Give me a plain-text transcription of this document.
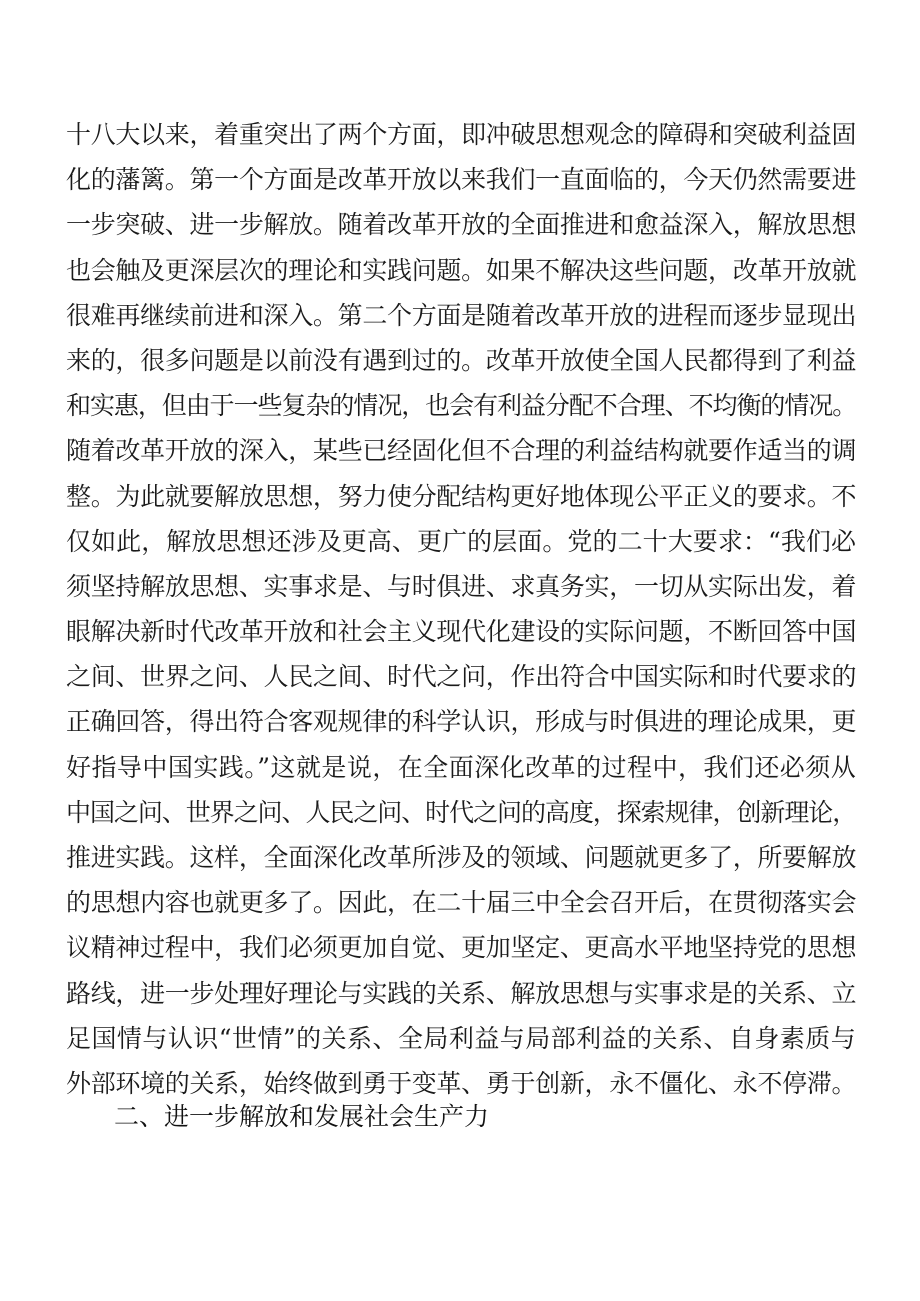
十八大以来，着重突出了两个方面，即冲破思想观念的障碍和突破利益固
化的藩篱。第一个方面是改革开放以来我们一直面临的，今天仍然需要进
一步突破、进一步解放。随着改革开放的全面推进和愈益深入，解放思想
也会触及更深层次的理论和实践问题。如果不解决这些问题，改革开放就
很难再继续前进和深入。第二个方面是随着改革开放的进程而逐步显现出
来的，很多问题是以前没有遇到过的。改革开放使全国人民都得到了利益
和实惠，但由于一些复杂的情况，也会有利益分配不合理、不均衡的情况。
随着改革开放的深入，某些已经固化但不合理的利益结构就要作适当的调
整。为此就要解放思想，努力使分配结构更好地体现公平正义的要求。不
仅如此，解放思想还涉及更高、更广的层面。党的二十大要求：“我们必
须坚持解放思想、实事求是、与时俱进、求真务实，一切从实际出发，着
眼解决新时代改革开放和社会主义现代化建设的实际问题，不断回答中国
之间、世界之问、人民之间、时代之问，作出符合中国实际和时代要求的
正确回答，得出符合客观规律的科学认识，形成与时俱进的理论成果，更
好指导中国实践。”这就是说，在全面深化改革的过程中，我们还必须从
中国之问、世界之问、人民之问、时代之问的高度，探索规律，创新理论，
推进实践。这样，全面深化改革所涉及的领域、问题就更多了，所要解放
的思想内容也就更多了。因此，在二十届三中全会召开后，在贯彻落实会
议精神过程中，我们必须更加自觉、更加坚定、更高水平地坚持党的思想
路线，进一步处理好理论与实践的关系、解放思想与实事求是的关系、立
足国情与认识“世情”的关系、全局利益与局部利益的关系、自身素质与
外部环境的关系，始终做到勇于变革、勇于创新，永不僵化、永不停滞。
二、进一步解放和发展社会生产力
